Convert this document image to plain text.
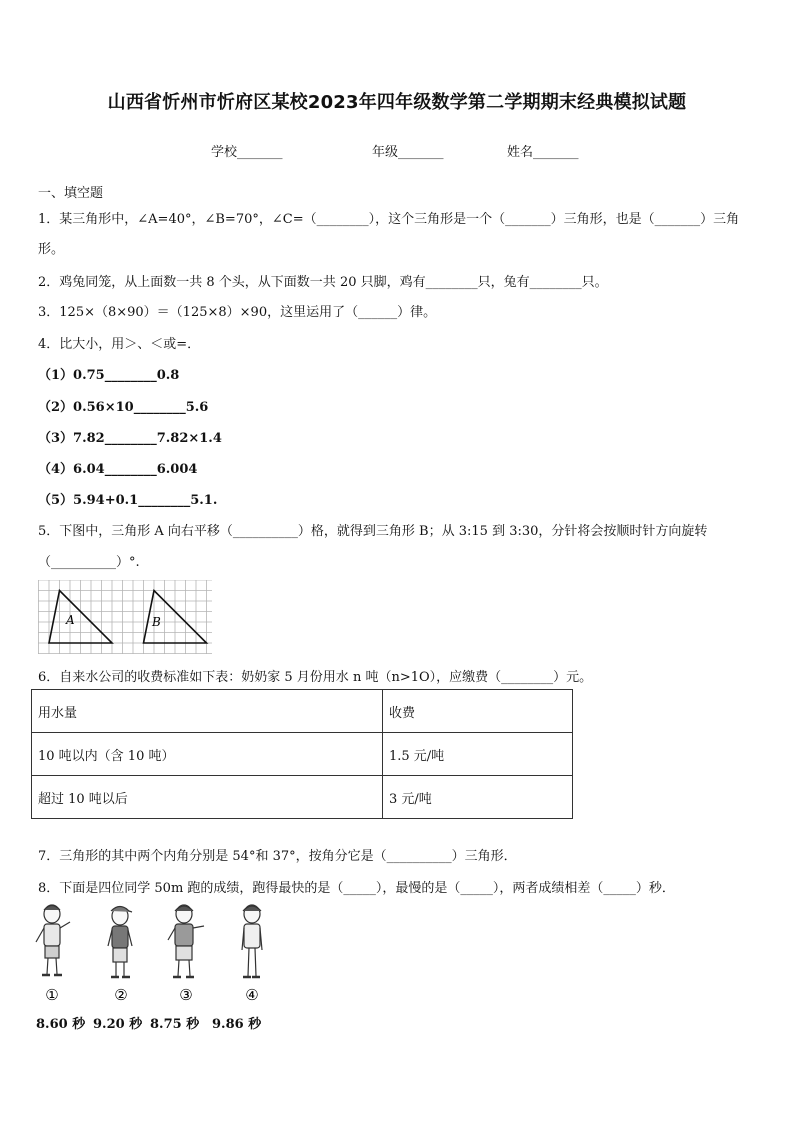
山西省忻州市忻府区某校2023年四年级数学第二学期期末经典模拟试题
学校_______	年级_______	姓名_______
一、填空题
1．某三角形中，∠A=40°，∠B=70°，∠C=（________），这个三角形是一个（_______）三角形，也是（_______）三角
形。
2．鸡兔同笼，从上面数一共 8 个头，从下面数一共 20 只脚，鸡有________只，兔有________只。
3．125×（8×90）＝（125×8）×90，这里运用了（______）律。
4．比大小，用＞、＜或=．
（1）0.75________0.8
（2）0.56×10________5.6
（3）7.82________7.82×1.4
（4）6.04________6.004
（5）5.94+0.1________5.1.
5．下图中，三角形 A 向右平移（__________）格，就得到三角形 B；从 3:15 到 3:30，分针将会按顺时针方向旋转
（__________）°.
A	B
6．自来水公司的收费标准如下表：奶奶家 5 月份用水 n 吨（n>1O），应缴费（________）元。
用水量	收费
10 吨以内（含 10 吨）	1.5 元/吨
超过 10 吨以后	3 元/吨
7．三角形的其中两个内角分别是 54°和 37°，按角分它是（__________）三角形．
8．下面是四位同学 50m 跑的成绩，跑得最快的是（_____），最慢的是（_____），两者成绩相差（_____）秒．
①	②	③	④
8.60 秒 9.20 秒 8.75 秒 9.86 秒
